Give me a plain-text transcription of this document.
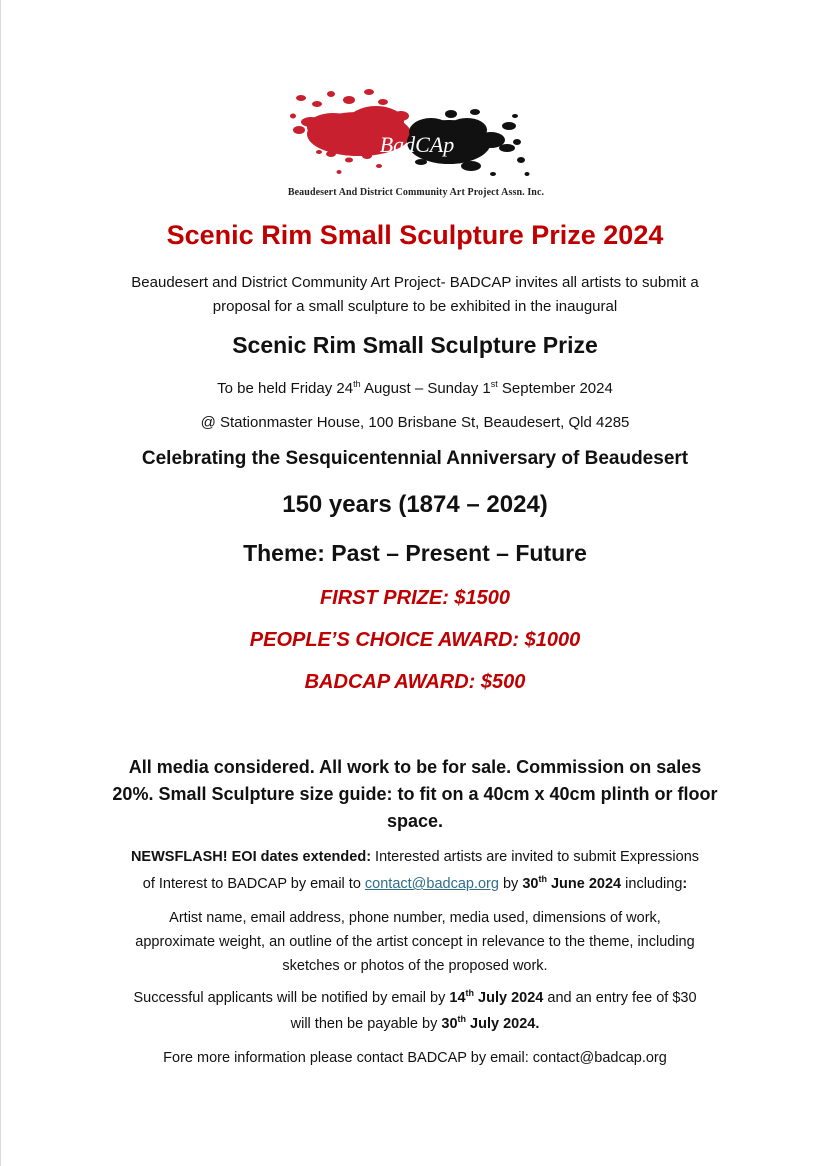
BadCAp
Beaudesert And District Community Art Project Assn. Inc.
Scenic Rim Small Sculpture Prize 2024
Beaudesert and District Community Art Project- BADCAP invites all artists to submit a
proposal for a small sculpture to be exhibited in the inaugural
Scenic Rim Small Sculpture Prize
To be held Friday 24th August – Sunday 1st September 2024
@ Stationmaster House, 100 Brisbane St, Beaudesert, Qld 4285
Celebrating the Sesquicentennial Anniversary of Beaudesert
150 years (1874 – 2024)
Theme: Past – Present – Future
FIRST PRIZE: $1500
PEOPLE’S CHOICE AWARD: $1000
BADCAP AWARD: $500
All media considered. All work to be for sale. Commission on sales
20%. Small Sculpture size guide: to fit on a 40cm x 40cm plinth or floor
space.
NEWSFLASH! EOI dates extended: Interested artists are invited to submit Expressions
of Interest to BADCAP by email to contact@badcap.org by 30th June 2024 including:
Artist name, email address, phone number, media used, dimensions of work,
approximate weight, an outline of the artist concept in relevance to the theme, including
sketches or photos of the proposed work.
Successful applicants will be notified by email by 14th July 2024 and an entry fee of $30
will then be payable by 30th July 2024.
Fore more information please contact BADCAP by email: contact@badcap.org
